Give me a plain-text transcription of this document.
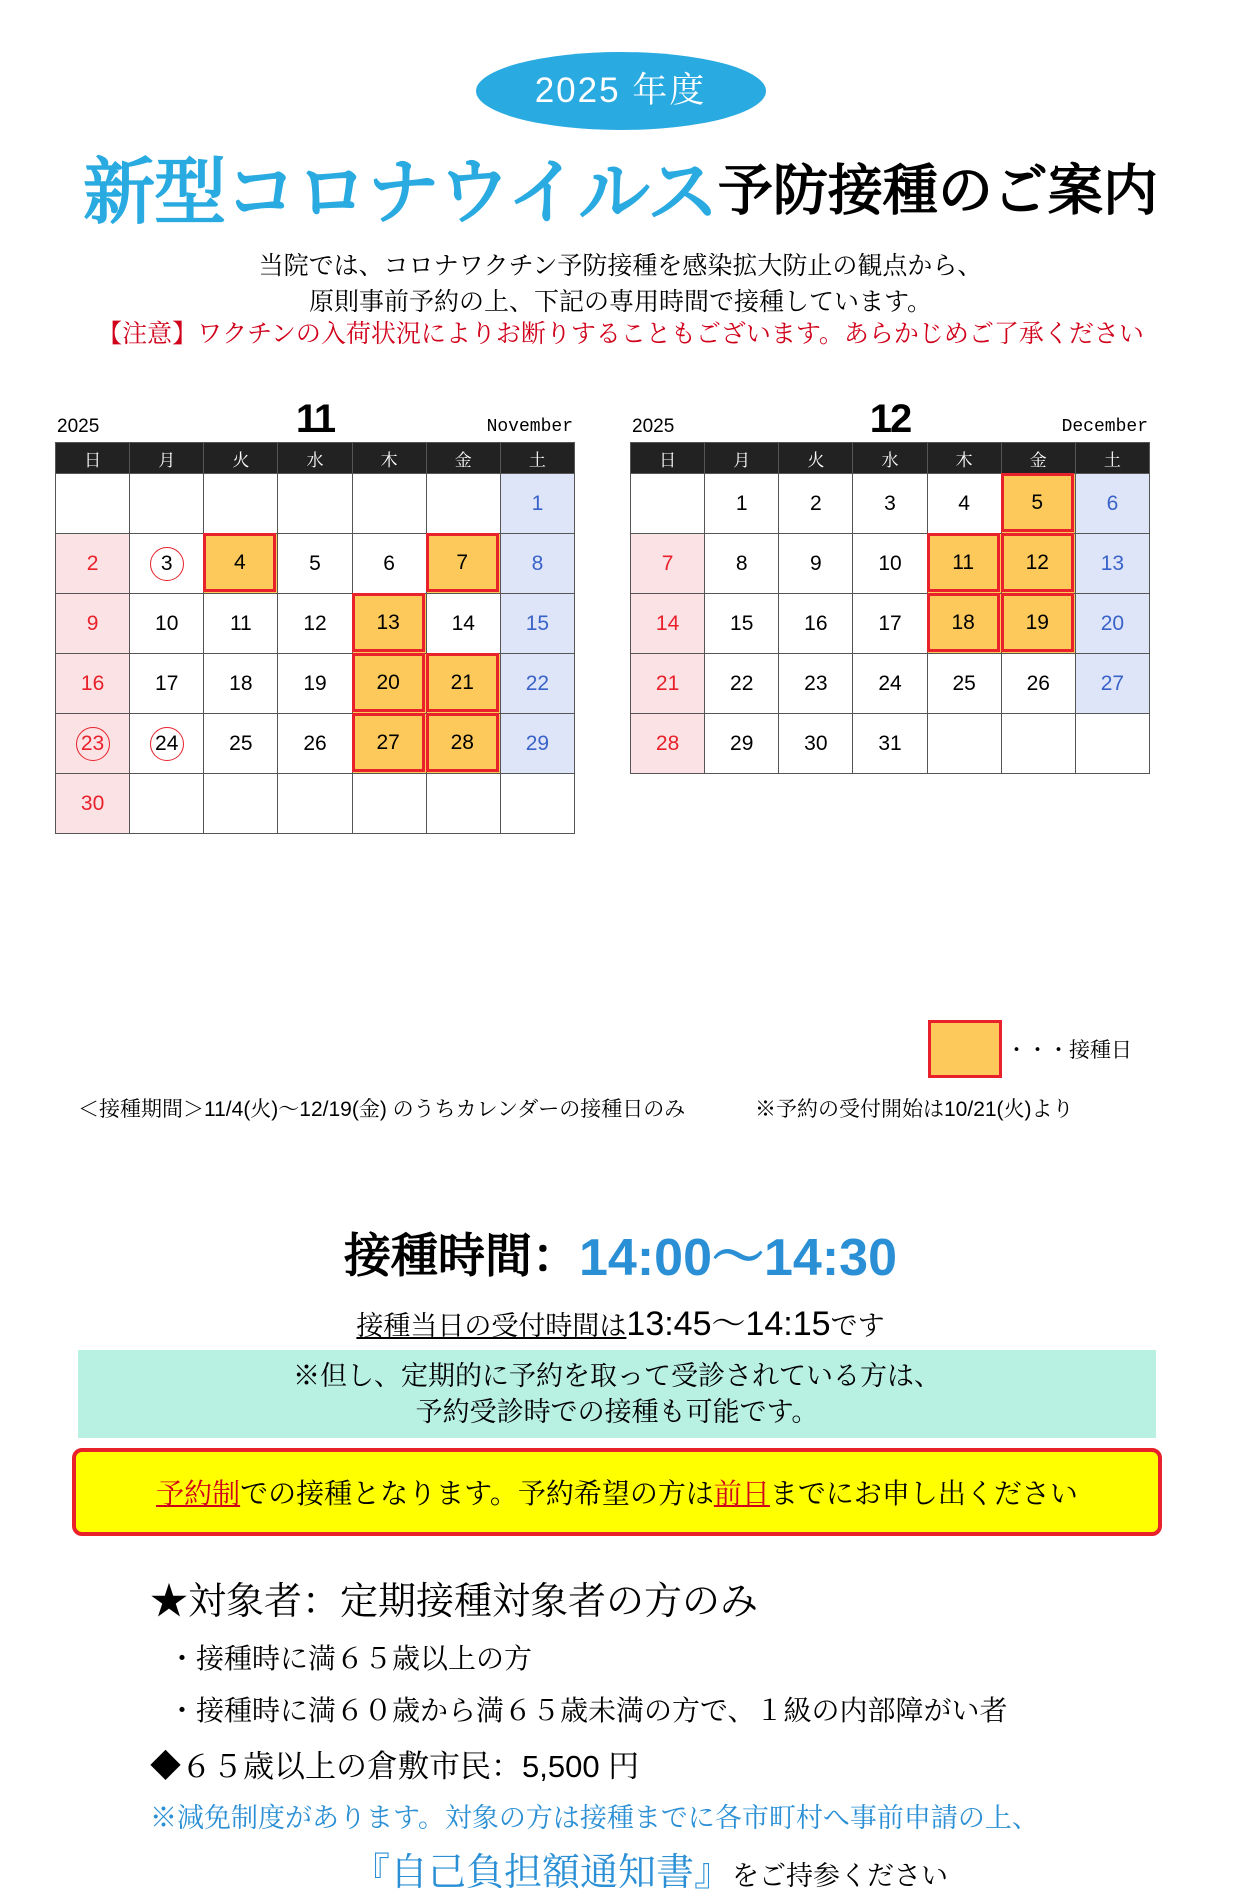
2025 年度
新型コロナウイルス予防接種のご案内
当院では、コロナワクチン予防接種を感染拡大防止の観点から、
原則事前予約の上、下記の専用時間で接種しています。
【注意】ワクチンの入荷状況によりお断りすることもございます。あらかじめご了承ください
2025	11	November
日	月	火	水	木	金	土
						1
2	3	4	5	6	7	8
9	10	11	12	13	14	15
16	17	18	19	20	21	22
23	24	25	26	27	28	29
30						
2025	12	December
日	月	火	水	木	金	土
	1	2	3	4	5	6
7	8	9	10	11	12	13
14	15	16	17	18	19	20
21	22	23	24	25	26	27
28	29	30	31			
・・・接種日
＜接種期間＞11/4(火)〜12/19(金) のうちカレンダーの接種日のみ	※予約の受付開始は10/21(火)より
接種時間：14:00〜14:30
接種当日の受付時間は13:45〜14:15です
※但し、定期的に予約を取って受診されている方は、
予約受診時での接種も可能です。
予約制 での接種となります。予約希望の方は 前日 までにお申し出ください
★対象者：定期接種対象者の方のみ
・接種時に満６５歳以上の方
・接種時に満６０歳から満６５歳未満の方で、１級の内部障がい者
◆６５歳以上の倉敷市民：5,500 円
※減免制度があります。対象の方は接種までに各市町村へ事前申請の上、
『自己負担額通知書』をご持参ください
